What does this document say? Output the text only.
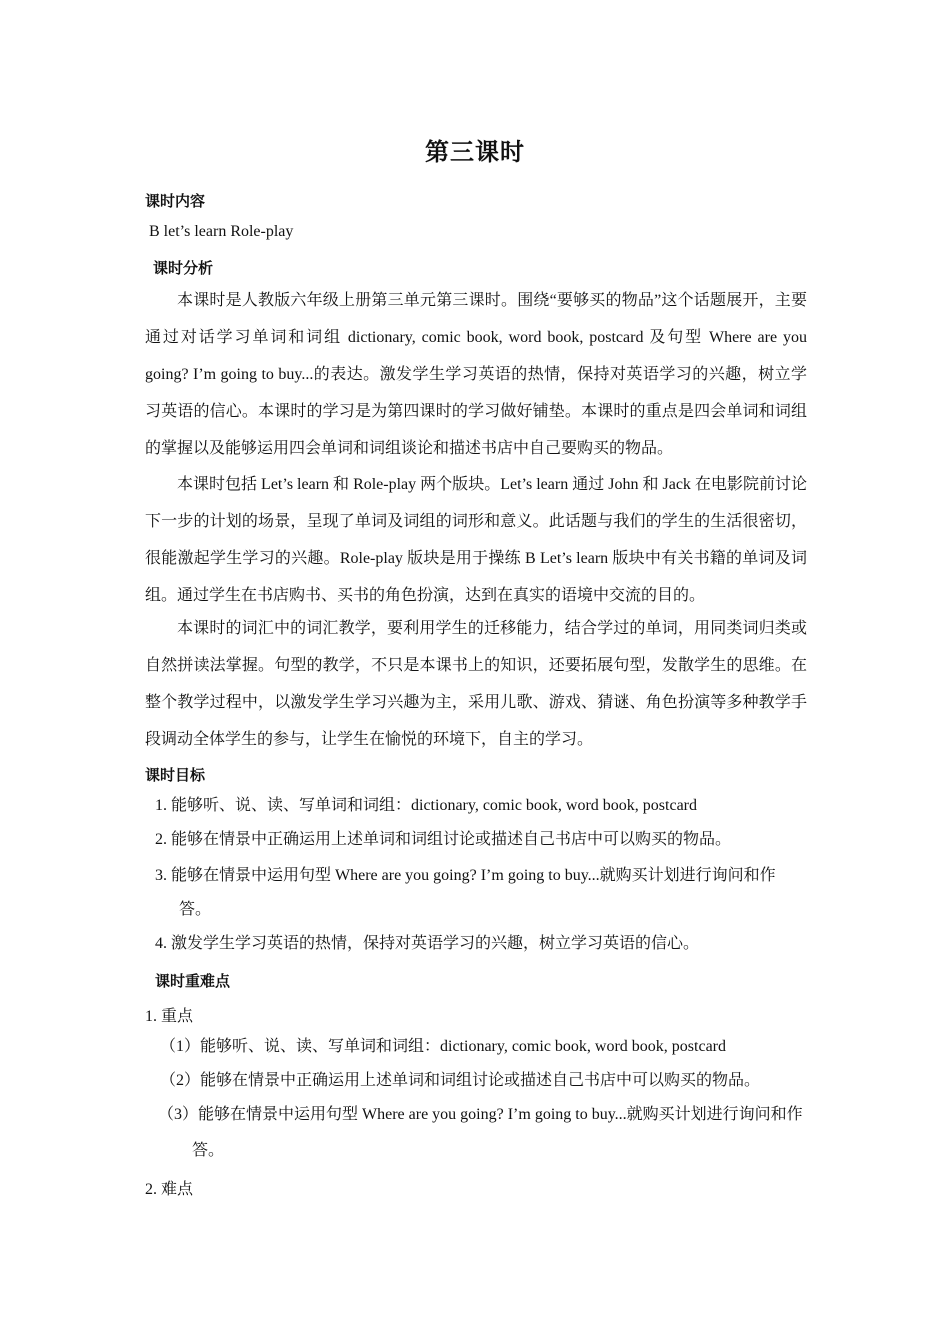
第三课时
课时内容
B let’s learn Role-play
课时分析
本课时是人教版六年级上册第三单元第三课时。围绕“要够买的物品”这个话题展开，主要通过对话学习单词和词组 dictionary, comic book, word book, postcard 及句型 Where are you going? I’m going to buy...的表达。激发学生学习英语的热情，保持对英语学习的兴趣，树立学习英语的信心。本课时的学习是为第四课时的学习做好铺垫。本课时的重点是四会单词和词组的掌握以及能够运用四会单词和词组谈论和描述书店中自己要购买的物品。
本课时包括 Let’s learn 和 Role-play 两个版块。Let’s learn 通过 John 和 Jack 在电影院前讨论下一步的计划的场景，呈现了单词及词组的词形和意义。此话题与我们的学生的生活很密切，很能激起学生学习的兴趣。Role-play 版块是用于操练 B Let’s learn 版块中有关书籍的单词及词组。通过学生在书店购书、买书的角色扮演，达到在真实的语境中交流的目的。
本课时的词汇中的词汇教学，要利用学生的迁移能力，结合学过的单词，用同类词归类或自然拼读法掌握。句型的教学，不只是本课书上的知识，还要拓展句型，发散学生的思维。在整个教学过程中，以激发学生学习兴趣为主，采用儿歌、游戏、猜谜、角色扮演等多种教学手段调动全体学生的参与，让学生在愉悦的环境下，自主的学习。
课时目标
1. 能够听、说、读、写单词和词组：dictionary, comic book, word book, postcard
2. 能够在情景中正确运用上述单词和词组讨论或描述自己书店中可以购买的物品。
3. 能够在情景中运用句型 Where are you going? I’m going to buy...就购买计划进行询问和作答。
4. 激发学生学习英语的热情，保持对英语学习的兴趣，树立学习英语的信心。
课时重难点
1. 重点
（1）能够听、说、读、写单词和词组：dictionary, comic book, word book, postcard
（2）能够在情景中正确运用上述单词和词组讨论或描述自己书店中可以购买的物品。
（3）能够在情景中运用句型 Where are you going? I’m going to buy...就购买计划进行询问和作答。
2. 难点
